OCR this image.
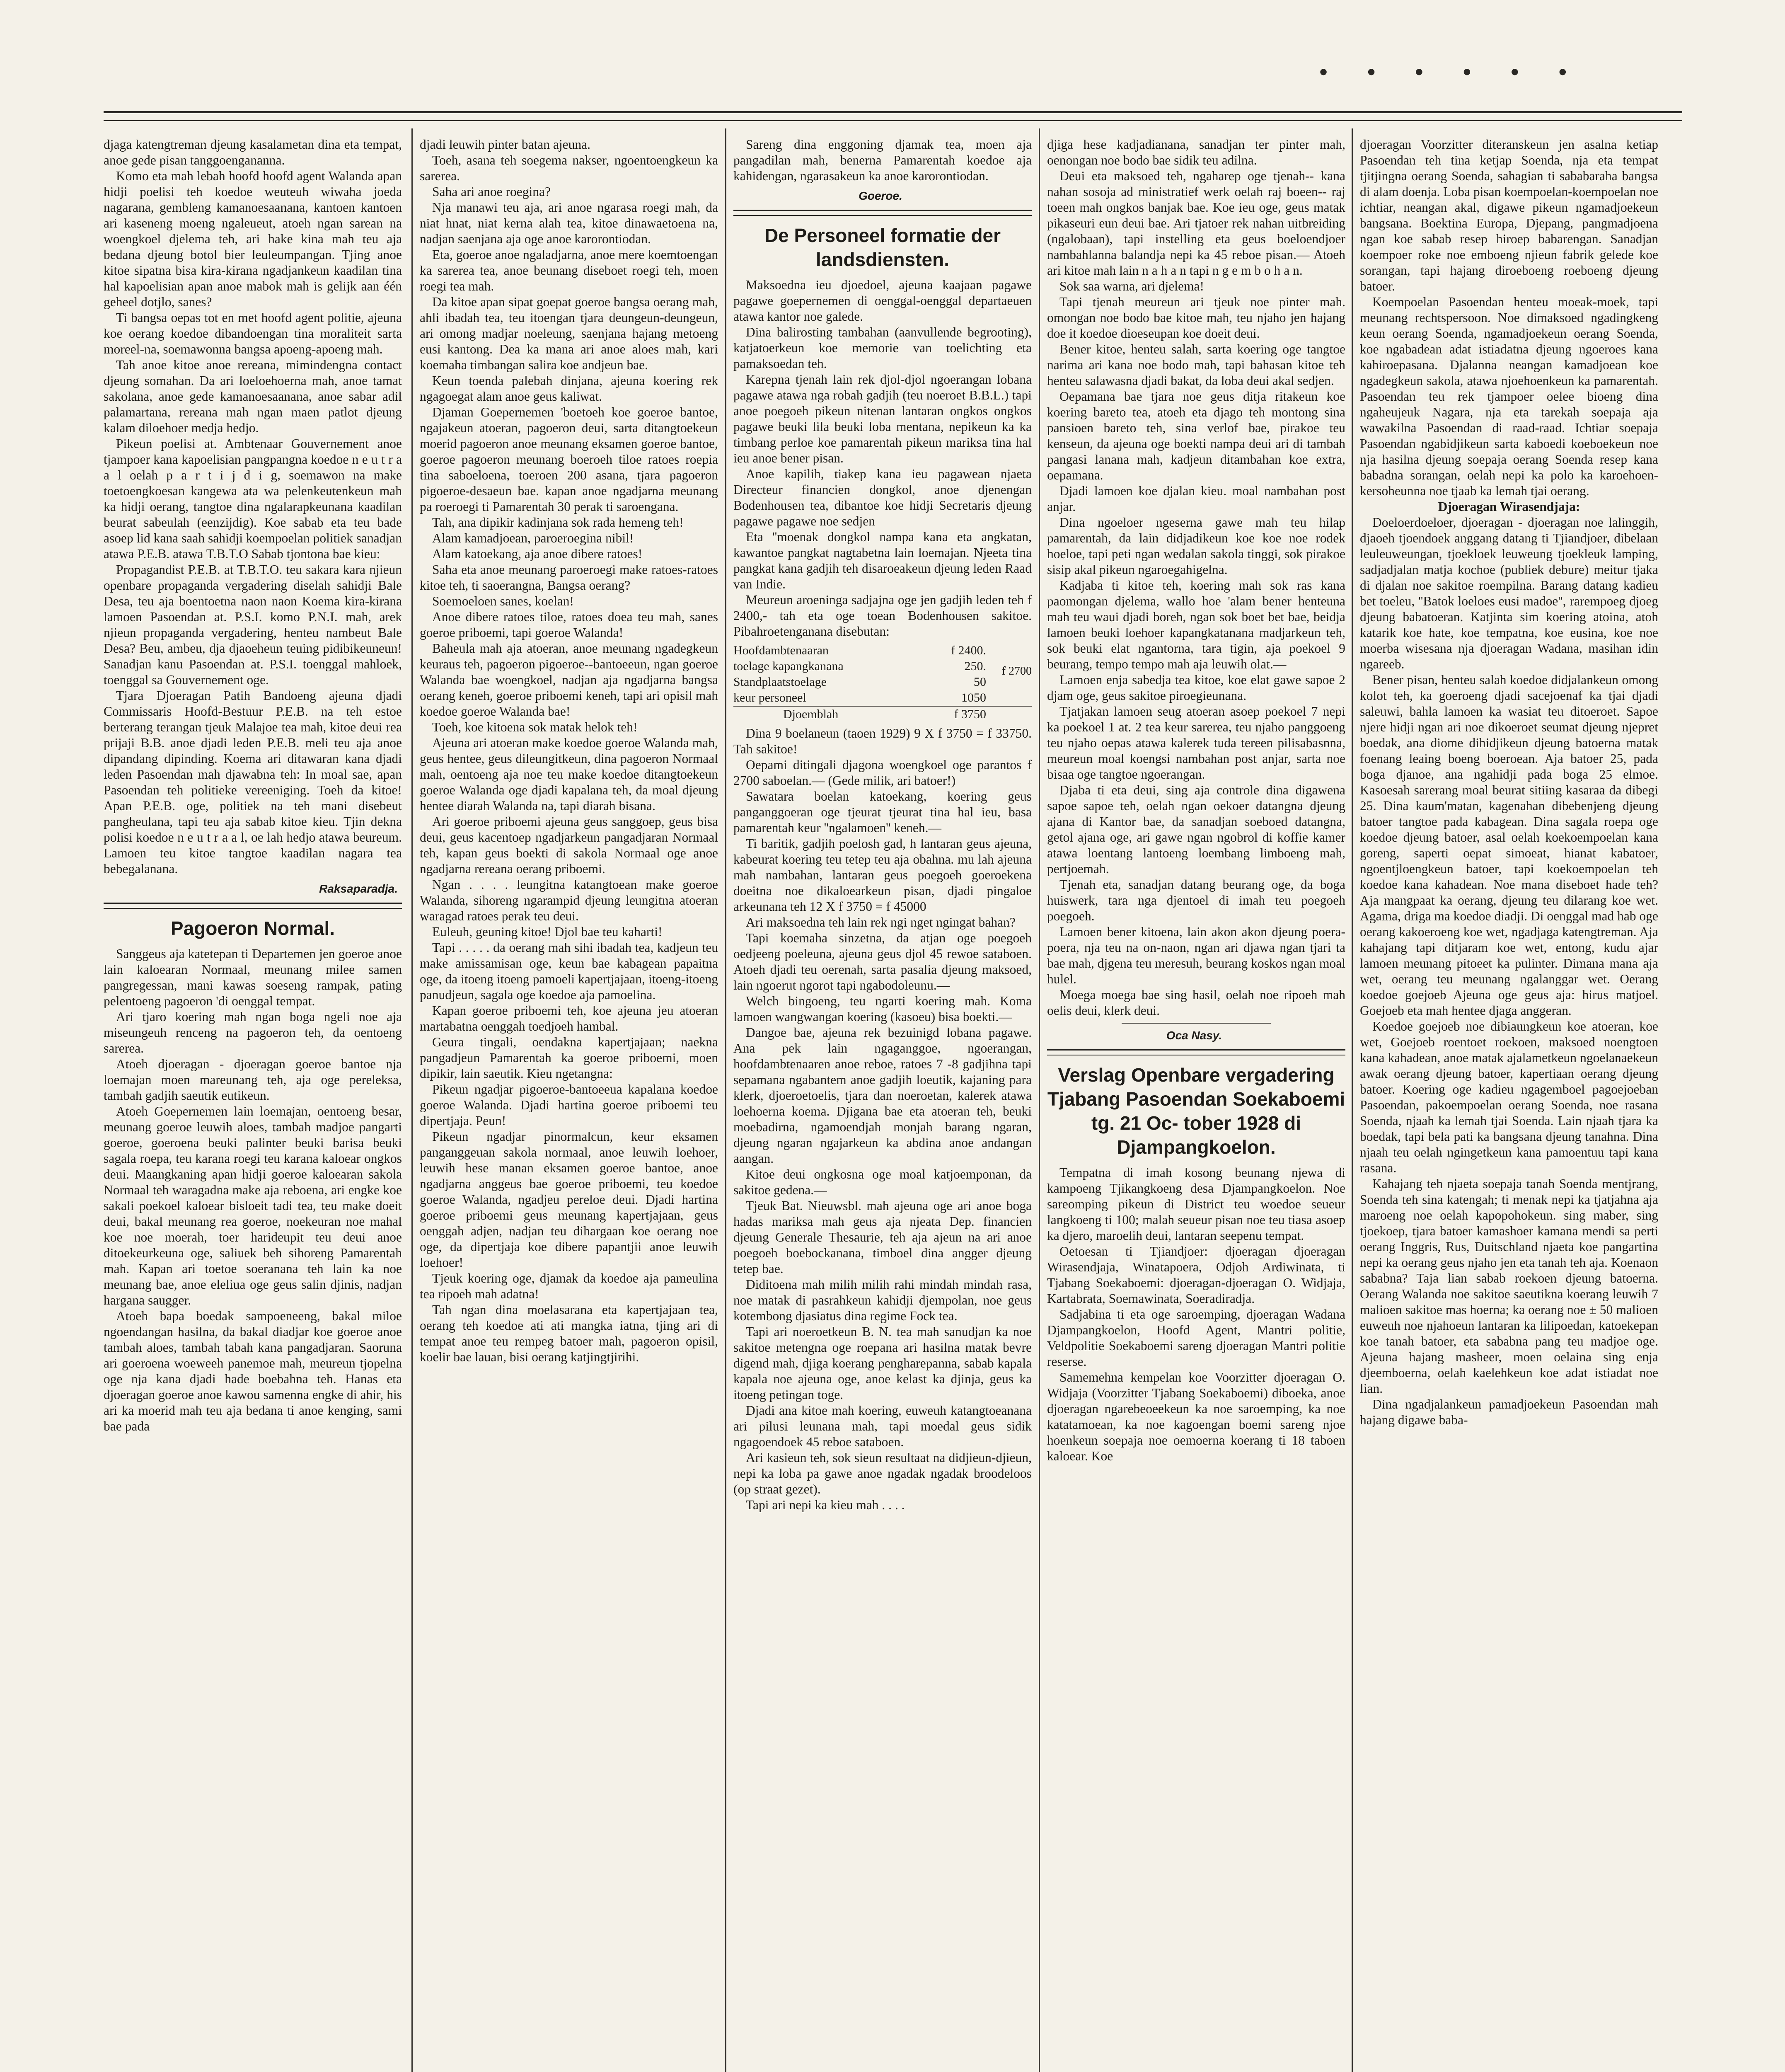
• • • • • •

djaga katengtreman djeung kasalametan dina eta tempat, anoe gede pisan tanggoengananna.

Komo eta mah lebah hoofd hoofd agent Walanda apan hidji poelisi teh koedoe weuteuh wiwaha joeda nagarana, gembleng kamanoesaanana, kantoen kantoen ari kaseneng moeng ngaleueut, atoeh ngan sarean na woengkoel djelema teh, ari hake kina mah teu aja bedana djeung botol bier leuleumpangan. Tjing anoe kitoe sipatna bisa kira-kirana ngadjankeun kaadilan tina hal kapoelisian apan anoe mabok mah is gelijk aan één geheel dotjlo, sanes?

Ti bangsa oepas tot en met hoofd agent politie, ajeuna koe oerang koedoe dibandoengan tina moraliteit sarta moreel-na, soemawonna bangsa apoeng-apoeng mah.

Tah anoe kitoe anoe rereana, mimindengna contact djeung somahan. Da ari loeloehoerna mah, anoe tamat sakolana, anoe gede kamanoesaanana, anoe sabar adil palamartana, rereana mah ngan maen patlot djeung kalam diloehoer medja hedjo.

Pikeun poelisi at. Ambtenaar Gouvernement anoe tjampoer kana kapoelisian pangpangna koedoe n e u t r a a l oelah p a r t i j d i g, soemawon na make toetoengkoesan kangewa ata wa pelenkeutenkeun mah ka hidji oerang, tangtoe dina ngalarapkeunana kaadilan beurat sabeulah (eenzijdig). Koe sabab eta teu bade asoep lid kana saah sahidji koempoelan politiek sanadjan atawa P.E.B. atawa T.B.T.O Sabab tjontona bae kieu:

Propagandist P.E.B. at T.B.T.O. teu sakara kara njieun openbare propaganda vergadering diselah sahidji Bale Desa, teu aja boentoetna naon naon Koema kira-kirana lamoen Pasoendan at. P.S.I. komo P.N.I. mah, arek njieun propaganda vergadering, henteu nambeut Bale Desa? Beu, ambeu, dja djaoeheun teuing pidibikeuneun! Sanadjan kanu Pasoendan at. P.S.I. toenggal mahloek, toenggal sa Gouvernement oge.

Tjara Djoeragan Patih Bandoeng ajeuna djadi Commissaris Hoofd-Bestuur P.E.B. na teh estoe berterang terangan tjeuk Malajoe tea mah, kitoe deui rea prijaji B.B. anoe djadi leden P.E.B. meli teu aja anoe dipandang dipinding. Koema ari ditawaran kana djadi leden Pasoendan mah djawabna teh: In moal sae, apan Pasoendan teh politieke vereeniging. Toeh da kitoe! Apan P.E.B. oge, politiek na teh mani disebeut pangheulana, tapi teu aja sabab kitoe kieu. Tjin dekna polisi koedoe n e u t r a a l, oe lah hedjo atawa beureum. Lamoen teu kitoe tangtoe kaadilan nagara tea bebegalanana.

Raksaparadja.
Pagoeron Normal.

Sanggeus aja katetepan ti Departemen jen goeroe anoe lain kaloearan Normaal, meunang milee samen pangregessan, mani kawas soeseng rampak, pating pelentoeng pagoeron 'di oenggal tempat.

Ari tjaro koering mah ngan boga ngeli noe aja miseungeuh renceng na pagoeron teh, da oentoeng sarerea.

Atoeh djoeragan - djoeragan goeroe bantoe nja loemajan moen mareunang teh, aja oge pereleksa, tambah gadjih saeutik eutikeun.

Atoeh Goepernemen lain loemajan, oentoeng besar, meunang goeroe leuwih aloes, tambah madjoe pangarti goeroe, goeroena beuki palinter beuki barisa beuki sagala roepa, teu karana roegi teu karana kaloear ongkos deui. Maangkaning apan hidji goeroe kaloearan sakola Normaal teh waragadna make aja reboena, ari engke koe sakali poekoel kaloear bisloeit tadi tea, teu make doeit deui, bakal meunang rea goeroe, noekeuran noe mahal koe noe moerah, toer harideupit teu deui anoe ditoekeurkeuna oge, saliuek beh sihoreng Pamarentah mah. Kapan ari toetoe soeranana teh lain ka noe meunang bae, anoe eleliua oge geus salin djinis, nadjan hargana saugger.

Atoeh bapa boedak sampoeneeng, bakal miloe ngoendangan hasilna, da bakal diadjar koe goeroe anoe tambah aloes, tambah tabah kana pangadjaran. Saoruna ari goeroena woeweeh panemoe mah, meureun tjopelna oge nja kana djadi hade boebahna teh. Hanas eta djoeragan goeroe anoe kawou samenna engke di ahir, his ari ka moerid mah teu aja bedana ti anoe kenging, sami bae pada

djadi leuwih pinter batan ajeuna.

Toeh, asana teh soegema nakser, ngoentoengkeun ka sarerea.

Saha ari anoe roegina?

Nja manawi teu aja, ari anoe ngarasa roegi mah, da niat hnat, niat kerna alah tea, kitoe dinawaetoena na, nadjan saenjana aja oge anoe karorontiodan.

Eta, goeroe anoe ngaladjarna, anoe mere koemtoengan ka sarerea tea, anoe beunang diseboet roegi teh, moen roegi tea mah.

Da kitoe apan sipat goepat goeroe bangsa oerang mah, ahli ibadah tea, teu itoengan tjara deungeun-deungeun, ari omong madjar noeleung, saenjana hajang metoeng eusi kantong. Dea ka mana ari anoe aloes mah, kari koemaha timbangan salira koe andjeun bae.

Keun toenda palebah dinjana, ajeuna koering rek ngagoegat alam anoe geus kaliwat.

Djaman Goepernemen 'boetoeh koe goeroe bantoe, ngajakeun atoeran, pagoeron deui, sarta ditangtoekeun moerid pagoeron anoe meunang eksamen goeroe bantoe, goeroe pagoeron meunang boeroeh tiloe ratoes roepia tina saboeloena, toeroen 200 asana, tjara pagoeron pigoeroe-desaeun bae. kapan anoe ngadjarna meunang pa roeroegi ti Pamarentah 30 perak ti saroengana.

Tah, ana dipikir kadinjana sok rada hemeng teh!

Alam kamadjoean, paroeroegina nibil!

Alam katoekang, aja anoe dibere ratoes!

Saha eta anoe meunang paroeroegi make ratoes-ratoes kitoe teh, ti saoerangna, Bangsa oerang?

Soemoeloen sanes, koelan!

Anoe dibere ratoes tiloe, ratoes doea teu mah, sanes goeroe priboemi, tapi goeroe Walanda!

Baheula mah aja atoeran, anoe meunang ngadegkeun keuraus teh, pagoeron pigoeroe--bantoeeun, ngan goeroe Walanda bae woengkoel, nadjan aja ngadjarna bangsa oerang keneh, goeroe priboemi keneh, tapi ari opisil mah koedoe goeroe Walanda bae!

Toeh, koe kitoena sok matak helok teh!

Ajeuna ari atoeran make koedoe goeroe Walanda mah, geus hentee, geus dileungitkeun, dina pagoeron Normaal mah, oentoeng aja noe teu make koedoe ditangtoekeun goeroe Walanda oge djadi kapalana teh, da moal djeung hentee diarah Walanda na, tapi diarah bisana.

Ari goeroe priboemi ajeuna geus sanggoep, geus bisa deui, geus kacentoep ngadjarkeun pangadjaran Normaal teh, kapan geus boekti di sakola Normaal oge anoe ngadjarna rereana oerang priboemi.

Ngan . . . . leungitna katangtoean make goeroe Walanda, sihoreng ngarampid djeung leungitna atoeran waragad ratoes perak teu deui.

Euleuh, geuning kitoe! Djol bae teu kaharti!

Tapi . . . . . da oerang mah sihi ibadah tea, kadjeun teu make amissamisan oge, keun bae kabagean papaitna oge, da itoeng itoeng pamoeli kapertjajaan, itoeng-itoeng panudjeun, sagala oge koedoe aja pamoelina.

Kapan goeroe priboemi teh, koe ajeuna jeu atoeran martabatna oenggah toedjoeh hambal.

Geura tingali, oendakna kapertjajaan; naekna pangadjeun Pamarentah ka goeroe priboemi, moen dipikir, lain saeutik. Kieu ngetangna:

Pikeun ngadjar pigoeroe-bantoeeua kapalana koedoe goeroe Walanda. Djadi hartina goeroe priboemi teu dipertjaja. Peun!

Pikeun ngadjar pinormalcun, keur eksamen panganggeuan sakola normaal, anoe leuwih loehoer, leuwih hese manan eksamen goeroe bantoe, anoe ngadjarna anggeus bae goeroe priboemi, teu koedoe goeroe Walanda, ngadjeu pereloe deui. Djadi hartina goeroe priboemi geus meunang kapertjajaan, geus oenggah adjen, nadjan teu dihargaan koe oerang noe oge, da dipertjaja koe dibere papantjii anoe leuwih loehoer!

Tjeuk koering oge, djamak da koedoe aja pameulina tea ripoeh mah adatna!

Tah ngan dina moelasarana eta kapertjajaan tea, oerang teh koedoe ati ati mangka iatna, tjing ari di tempat anoe teu rempeg batoer mah, pagoeron opisil, koelir bae lauan, bisi oerang katjingtjirihi.

Sareng dina enggoning djamak tea, moen aja pangadilan mah, benerna Pamarentah koedoe aja kahidengan, ngarasakeun ka anoe karorontiodan.

Goeroe.
De Personeel formatie der landsdiensten.

Maksoedna ieu djoedoel, ajeuna kaajaan pagawe pagawe goepernemen di oenggal-oenggal departaeuen atawa kantor noe galede.

Dina balirosting tambahan (aanvullende begrooting), katjatoerkeun koe memorie van toelichting eta pamaksoedan teh.

Karepna tjenah lain rek djol-djol ngoerangan lobana pagawe atawa nga robah gadjih (teu noeroet B.B.L.) tapi anoe poegoeh pikeun nitenan lantaran ongkos ongkos pagawe beuki lila beuki loba mentana, nepikeun ka ka timbang perloe koe pamarentah pikeun mariksa tina hal ieu anoe bener pisan.

Anoe kapilih, tiakep kana ieu pagawean njaeta Directeur financien dongkol, anoe djenengan Bodenhousen tea, dibantoe koe hidji Secretaris djeung pagawe pagawe noe sedjen

Eta ''moenak dongkol nampa kana eta angkatan, kawantoe pangkat nagtabetna lain loemajan. Njeeta tina pangkat kana gadjih teh disaroeakeun djeung leden Raad van Indie.

Meureun aroeninga sadjajna oge jen gadjih leden teh f 2400,- tah eta oge toean Bodenhousen sakitoe. Pibahroetenganana disebutan:

Hoofdambtenaaran	f 2400.
toelage kapangkanana	250. f 2700
Standplaatstoelage	50
keur personeel	1050
Djoemblah	f 3750

Dina 9 boelaneun (taoen 1929) 9 X f 3750 = f 33750. Tah sakitoe!

Oepami ditingali djagona woengkoel oge parantos f 2700 saboelan.— (Gede milik, ari batoer!)

Sawatara boelan katoekang, koering geus panganggoeran oge tjeurat tjeurat tina hal ieu, basa pamarentah keur ''ngalamoen'' keneh.—

Ti baritik, gadjih poelosh gad, h lantaran geus ajeuna, kabeurat koering teu tetep teu aja obahna. mu lah ajeuna mah nambahan, lantaran geus poegoeh goeroekena doeitna noe dikaloearkeun pisan, djadi pingaloe arkeunana teh 12 X f 3750 = f 45000

Ari maksoedna teh lain rek ngi nget ngingat bahan?

Tapi koemaha sinzetna, da atjan oge poegoeh oedjeeng poeleuna, ajeuna geus djol 45 rewoe sataboen. Atoeh djadi teu oerenah, sarta pasalia djeung maksoed, lain ngoerut ngorot tapi ngabodoleunu.—

Welch bingoeng, teu ngarti koering mah. Koma lamoen wangwangan koering (kasoeu) bisa boekti.—

Dangoe bae, ajeuna rek bezuinigd lobana pagawe. Ana pek lain ngaganggoe, ngoerangan, hoofdambtenaaren anoe reboe, ratoes 7 -8 gadjihna tapi sepamana ngabantem anoe gadjih loeutik, kajaning para klerk, djoeroetoelis, tjara dan noeroetan, kalerek atawa loehoerna koema. Djigana bae eta atoeran teh, beuki moebadirna, ngamoendjah monjah barang ngaran, djeung ngaran ngajarkeun ka abdina anoe andangan aangan.

Kitoe deui ongkosna oge moal katjoemponan, da sakitoe gedena.—

Tjeuk Bat. Nieuwsbl. mah ajeuna oge ari anoe boga hadas mariksa mah geus aja njeata Dep. financien djeung Generale Thesaurie, teh aja ajeun na ari anoe poegoeh boebockanana, timboel dina angger djeung tetep bae.

Diditoena mah milih milih rahi mindah mindah rasa, noe matak di pasrahkeun kahidji djempolan, noe geus kotembong djasiatus dina regime Fock tea.

Tapi ari noeroetkeun B. N. tea mah sanudjan ka noe sakitoe metengna oge roepana ari hasilna matak bevre digend mah, djiga koerang pengharepanna, sabab kapala kapala noe ajeuna oge, anoe kelast ka djinja, geus ka itoeng petingan toge.

Djadi ana kitoe mah koering, euweuh katangtoeanana ari pilusi leunana mah, tapi moedal geus sidik ngagoendoek 45 reboe sataboen.

Ari kasieun teh, sok sieun resultaat na didjieun-djieun, nepi ka loba pa gawe anoe ngadak ngadak broodeloos (op straat gezet).

Tapi ari nepi ka kieu mah . . . .

djiga hese kadjadianana, sanadjan ter pinter mah, oenongan noe bodo bae sidik teu adilna.

Deui eta maksoed teh, ngaharep oge tjenah-- kana nahan sosoja ad ministratief werk oelah raj boeen-- raj toeen mah ongkos banjak bae. Koe ieu oge, geus matak pikaseuri eun deui bae. Ari tjatoer rek nahan uitbreiding (ngalobaan), tapi instelling eta geus boeloendjoer nambahlanna balandja nepi ka 45 reboe pisan.— Atoeh ari kitoe mah lain n a h a n tapi n g e m b o h a n.

Sok saa warna, ari djelema!

Tapi tjenah meureun ari tjeuk noe pinter mah. omongan noe bodo bae kitoe mah, teu njaho jen hajang doe it koedoe dioeseupan koe doeit deui.

Bener kitoe, henteu salah, sarta koering oge tangtoe narima ari kana noe bodo mah, tapi bahasan kitoe teh henteu salawasna djadi bakat, da loba deui akal sedjen.

Oepamana bae tjara noe geus ditja ritakeun koe koering bareto tea, atoeh eta djago teh montong sina pansioen bareto teh, sina verlof bae, pirakoe teu kenseun, da ajeuna oge boekti nampa deui ari di tambah pangasi lanana mah, kadjeun ditambahan koe extra, oepamana.

Djadi lamoen koe djalan kieu. moal nambahan post anjar.

Dina ngoeloer ngeserna gawe mah teu hilap pamarentah, da lain didjadikeun koe koe noe rodek hoeloe, tapi peti ngan wedalan sakola tinggi, sok pirakoe sisip akal pikeun ngaroegahigelna.

Kadjaba ti kitoe teh, koering mah sok ras kana paomongan djelema, wallo hoe 'alam bener henteuna mah teu waui djadi boreh, ngan sok boet bet bae, beidja lamoen beuki loehoer kapangkatanana madjarkeun teh, sok beuki elat ngantorna, tara tigin, aja poekoel 9 beurang, tempo tempo mah aja leuwih olat.—

Lamoen enja sabedja tea kitoe, koe elat gawe sapoe 2 djam oge, geus sakitoe piroegieunana.

Tjatjakan lamoen seug atoeran asoep poekoel 7 nepi ka poekoel 1 at. 2 tea keur sarerea, teu njaho panggoeng teu njaho oepas atawa kalerek tuda tereen pilisabasnna, meureun moal koengsi nambahan post anjar, sarta noe bisaa oge tangtoe ngoerangan.

Djaba ti eta deui, sing aja controle dina digawena sapoe sapoe teh, oelah ngan oekoer datangna djeung ajana di Kantor bae, da sanadjan soeboed datangna, getol ajana oge, ari gawe ngan ngobrol di koffie kamer atawa loentang lantoeng loembang limboeng mah, pertjoemah.

Tjenah eta, sanadjan datang beurang oge, da boga huiswerk, tara nga djentoel di imah teu poegoeh poegoeh.

Lamoen bener kitoena, lain akon akon djeung poera-poera, nja teu na on-naon, ngan ari djawa ngan tjari ta bae mah, djgena teu meresuh, beurang koskos ngan moal hulel.

Moega moega bae sing hasil, oelah noe ripoeh mah oelis deui, klerk deui.

Oca Nasy.
Verslag Openbare vergadering Tjabang Pasoendan Soekaboemi tg. 21 Oc- tober 1928 di Djampangkoelon.

Tempatna di imah kosong beunang njewa di kampoeng Tjikangkoeng desa Djampangkoelon. Noe sareomping pikeun di District teu woedoe seueur langkoeng ti 100; malah seueur pisan noe teu tiasa asoep ka djero, maroelih deui, lantaran seepenu tempat.

Oetoesan ti Tjiandjoer: djoeragan djoeragan Wirasendjaja, Winatapoera, Odjoh Ardiwinata, ti Tjabang Soekaboemi: djoeragan-djoeragan O. Widjaja, Kartabrata, Soemawinata, Soeradiradja.

Sadjabina ti eta oge saroemping, djoeragan Wadana Djampangkoelon, Hoofd Agent, Mantri politie, Veldpolitie Soekaboemi sareng djoeragan Mantri politie reserse.

Samemehna kempelan koe Voorzitter djoeragan O. Widjaja (Voorzitter Tjabang Soekaboemi) diboeka, anoe djoeragan ngarebeoeekeun ka noe saroemping, ka noe katatamoean, ka noe kagoengan boemi sareng njoe hoenkeun soepaja noe oemoerna koerang ti 18 taboen kaloear. Koe

djoeragan Voorzitter diteranskeun jen asalna ketiap Pasoendan teh tina ketjap Soenda, nja eta tempat tjitjingna oerang Soenda, sahagian ti sababaraha bangsa di alam doenja. Loba pisan koempoelan-koempoelan noe ichtiar, neangan akal, digawe pikeun ngamadjoekeun bangsana. Boektina Europa, Djepang, pangmadjoena ngan koe sabab resep hiroep babarengan. Sanadjan koempoer roke noe emboeng njieun fabrik gelede koe sorangan, tapi hajang diroeboeng roeboeng djeung batoer.

Koempoelan Pasoendan henteu moeak-moek, tapi meunang rechtspersoon. Noe dimaksoed ngadingkeng keun oerang Soenda, ngamadjoekeun oerang Soenda, koe ngabadean adat istiadatna djeung ngoeroes kana kahiroepasana. Djalanna neangan kamadjoean koe ngadegkeun sakola, atawa njoehoenkeun ka pamarentah. Pasoendan teu rek tjampoer oelee bioeng dina ngaheujeuk Nagara, nja eta tarekah soepaja aja wawakilna Pasoendan di raad-raad. Ichtiar soepaja Pasoendan ngabidjikeun sarta kaboedi koeboekeun noe nja hasilna djeung soepaja oerang Soenda resep kana babadna sorangan, oelah nepi ka polo ka karoehoen-kersoheunna noe tjaab ka lemah tjai oerang.

Djoeragan Wirasendjaja:

Doeloerdoeloer, djoeragan - djoeragan noe lalinggih, djaoeh tjoendoek anggang datang ti Tjiandjoer, dibelaan leuleuweungan, tjoekloek leuweung tjoekleuk lamping, sadjadjalan matja kochoe (publiek debure) meitur tjaka di djalan noe sakitoe roempilna. Barang datang kadieu bet toeleu, ''Batok loeloes eusi madoe'', rarempoeg djoeg djeung babatoeran. Katjinta sim koering atoina, atoh katarik koe hate, koe tempatna, koe eusina, koe noe moerba wisesana nja djoeragan Wadana, masihan idin ngareeb.

Bener pisan, henteu salah koedoe didjalankeun omong kolot teh, ka goeroeng djadi sacejoenaf ka tjai djadi saleuwi, bahla lamoen ka wasiat teu ditoeroet. Sapoe njere hidji ngan ari noe dikoeroet seumat djeung njepret boedak, ana diome dihidjikeun djeung batoerna matak foenang leaing boeng boeroean. Aja batoer 25, pada boga djanoe, ana ngahidji pada boga 25 elmoe. Kasoesah sarerang moal beurat sitiing kasaraa da dibegi 25. Dina kaum'matan, kagenahan dibebenjeng djeung batoer tangtoe pada kabagean. Dina sagala roepa oge koedoe djeung batoer, asal oelah koekoempoelan kana goreng, saperti oepat simoeat, hianat kabatoer, ngoentjloengkeun batoer, tapi koekoempoelan teh koedoe kana kahadean. Noe mana diseboet hade teh? Aja mangpaat ka oerang, djeung teu dilarang koe wet. Agama, driga ma koedoe diadji. Di oenggal mad hab oge oerang kakoeroeng koe wet, ngadjaga katengtreman. Aja kahajang tapi ditjaram koe wet, entong, kudu ajar lamoen meunang pitoeet ka pulinter. Dimana mana aja wet, oerang teu meunang ngalanggar wet. Oerang koedoe goejoeb Ajeuna oge geus aja: hirus matjoel. Goejoeb eta mah hentee djaga anggeran.

Koedoe goejoeb noe dibiaungkeun koe atoeran, koe wet, Goejoeb roentoet roekoen, maksoed noengtoen kana kahadean, anoe matak ajalametkeun ngoelanaekeun awak oerang djeung batoer, kapertiaan oerang djeung batoer. Koering oge kadieu ngagemboel pagoejoeban Pasoendan, pakoempoelan oerang Soenda, noe rasana Soenda, njaah ka lemah tjai Soenda. Lain njaah tjara ka boedak, tapi bela pati ka bangsana djeung tanahna. Dina njaah teu oelah ngingetkeun kana pamoentuu tapi kana rasana.

Kahajang teh njaeta soepaja tanah Soenda mentjrang, Soenda teh sina katengah; ti menak nepi ka tjatjahna aja maroeng noe oelah kapopohokeun. sing maber, sing tjoekoep, tjara batoer kamashoer kamana mendi sa perti oerang Inggris, Rus, Duitschland njaeta koe pangartina nepi ka oerang geus njaho jen eta tanah teh aja. Koenaon sababna? Taja lian sabab roekoen djeung batoerna. Oerang Walanda noe sakitoe saeutikna koerang leuwih 7 malioen sakitoe mas hoerna; ka oerang noe ± 50 malioen euweuh noe njahoeun lantaran ka lilipoedan, katoekepan koe tanah batoer, eta sababna pang teu madjoe oge. Ajeuna hajang masheer, moen oelaina sing enja djeemboerna, oelah kaelehkeun koe adat istiadat noe lian.

Dina ngadjalankeun pamadjoekeun Pasoendan mah hajang digawe baba-
